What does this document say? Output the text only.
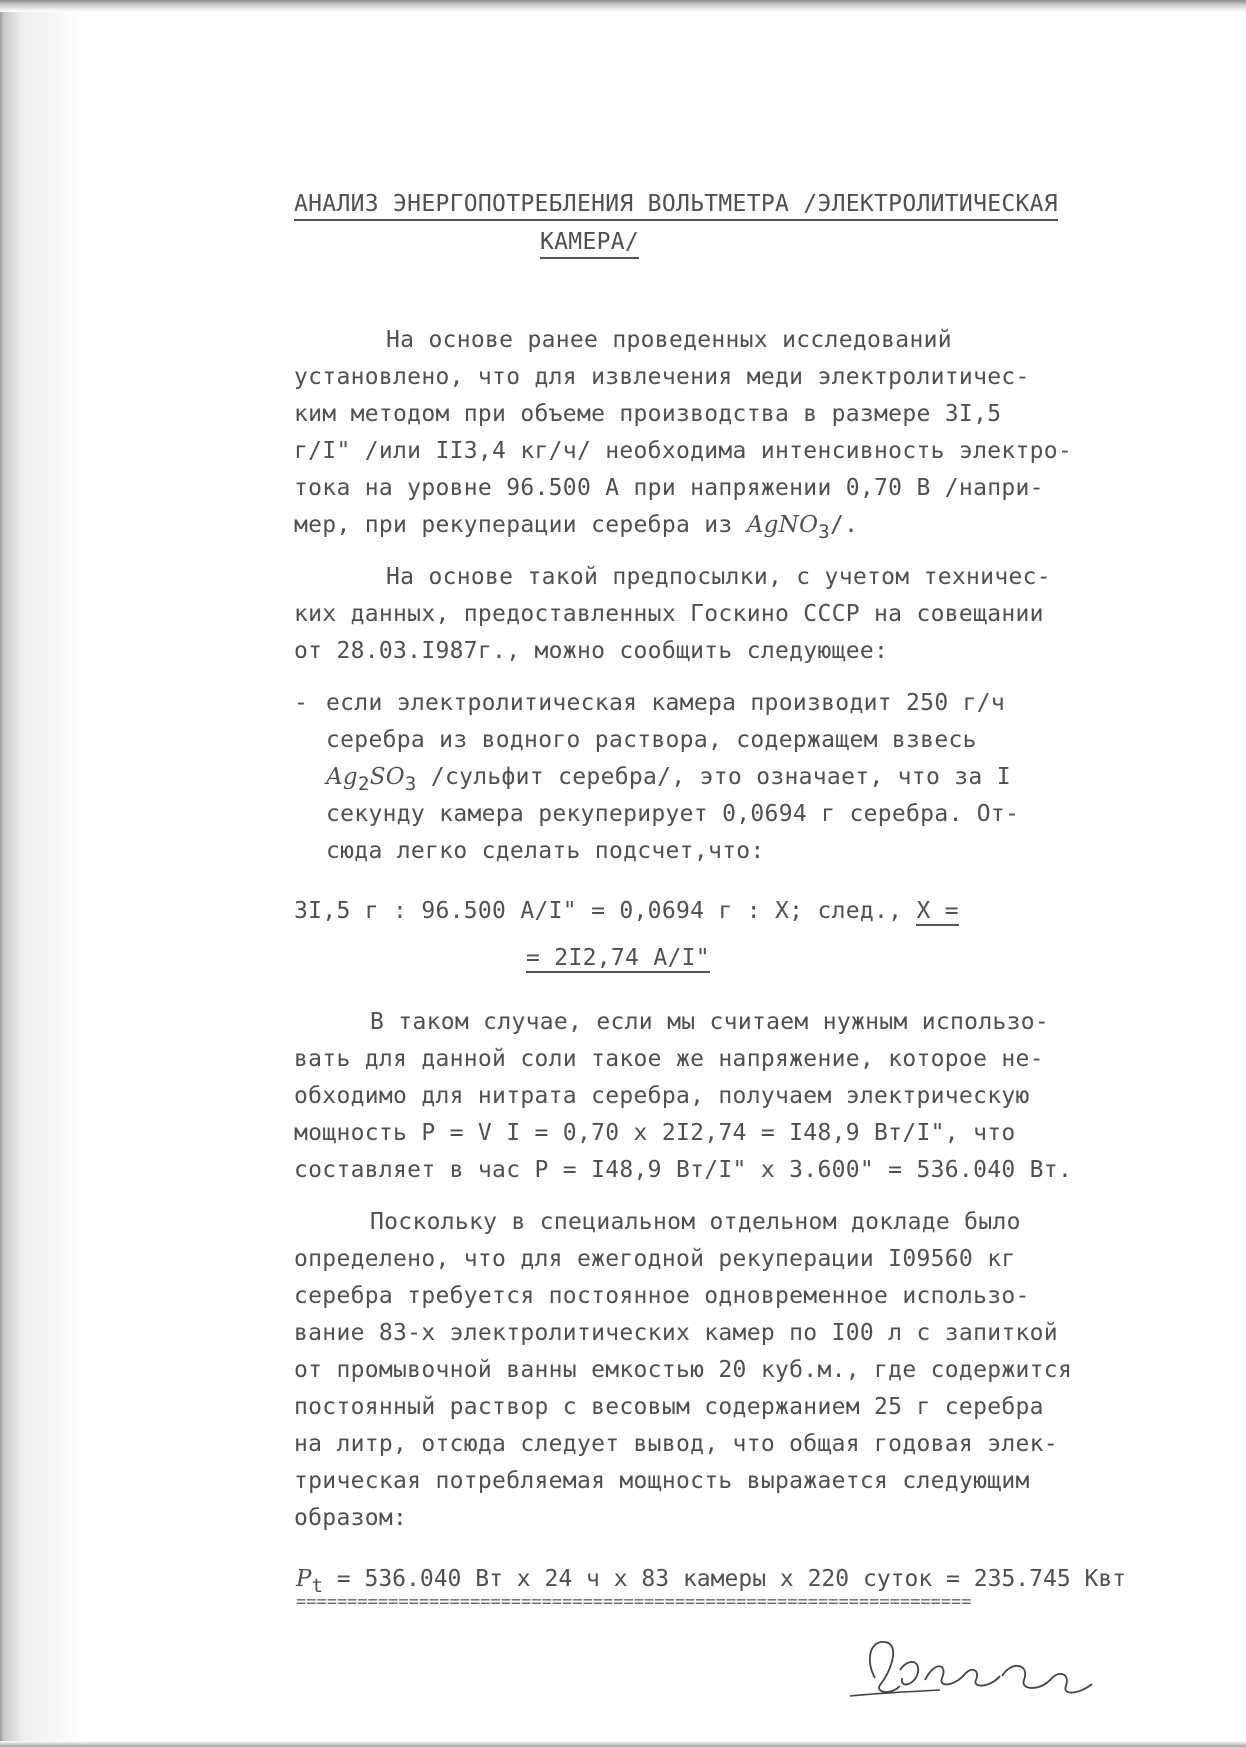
АНАЛИЗ ЭНЕРГОПОТРЕБЛЕНИЯ ВОЛЬТМЕТРА /ЭЛЕКТРОЛИТИЧЕСКАЯ
КАМЕРА/
На основе ранее проведенных исследований
установлено, что для извлечения меди электролитичес-
ким методом при объеме производства в размере 3I,5
г/I" /или II3,4 кг/ч/ необходима интенсивность электро-
тока на уровне 96.500 А при напряжении 0,70 В /напри-
мер, при рекуперации серебра из AgNO$_3$/.
На основе такой предпосылки, с учетом техничес-
ких данных, предоставленных Госкино СССР на совещании
от 28.03.I987г., можно сообщить следующее:
- если электролитическая камера производит 250 г/ч
серебра из водного раствора, содержащем взвесь
$Ag_2SO_3$ /сульфит серебра/, это означает, что за I
секунду камера рекуперирует 0,0694 г серебра. От-
сюда легко сделать подсчет,что:
3I,5 г : 96.500 А/I" = 0,0694 г : Х; след., Х =
= 2I2,74 А/I"
В таком случае, если мы считаем нужным использо-
вать для данной соли такое же напряжение, которое не-
обходимо для нитрата серебра, получаем электрическую
мощность Р = V I = 0,70 х 2I2,74 = I48,9 Вт/I", что
составляет в час Р = I48,9 Вт/I" х 3.600" = 536.040 Вт.
Поскольку в специальном отдельном докладе было
определено, что для ежегодной рекуперации I09560 кг
серебра требуется постоянное одновременное использо-
вание 83-х электролитических камер по I00 л с запиткой
от промывочной ванны емкостью 20 куб.м., где содержится
постоянный раствор с весовым содержанием 25 г серебра
на литр, отсюда следует вывод, что общая годовая элек-
трическая потребляемая мощность выражается следующим
образом:
$Р_t = 536.040$ Вт х 24 ч х 83 камеры х 220 суток = 235.745 Квт
==================================================================
